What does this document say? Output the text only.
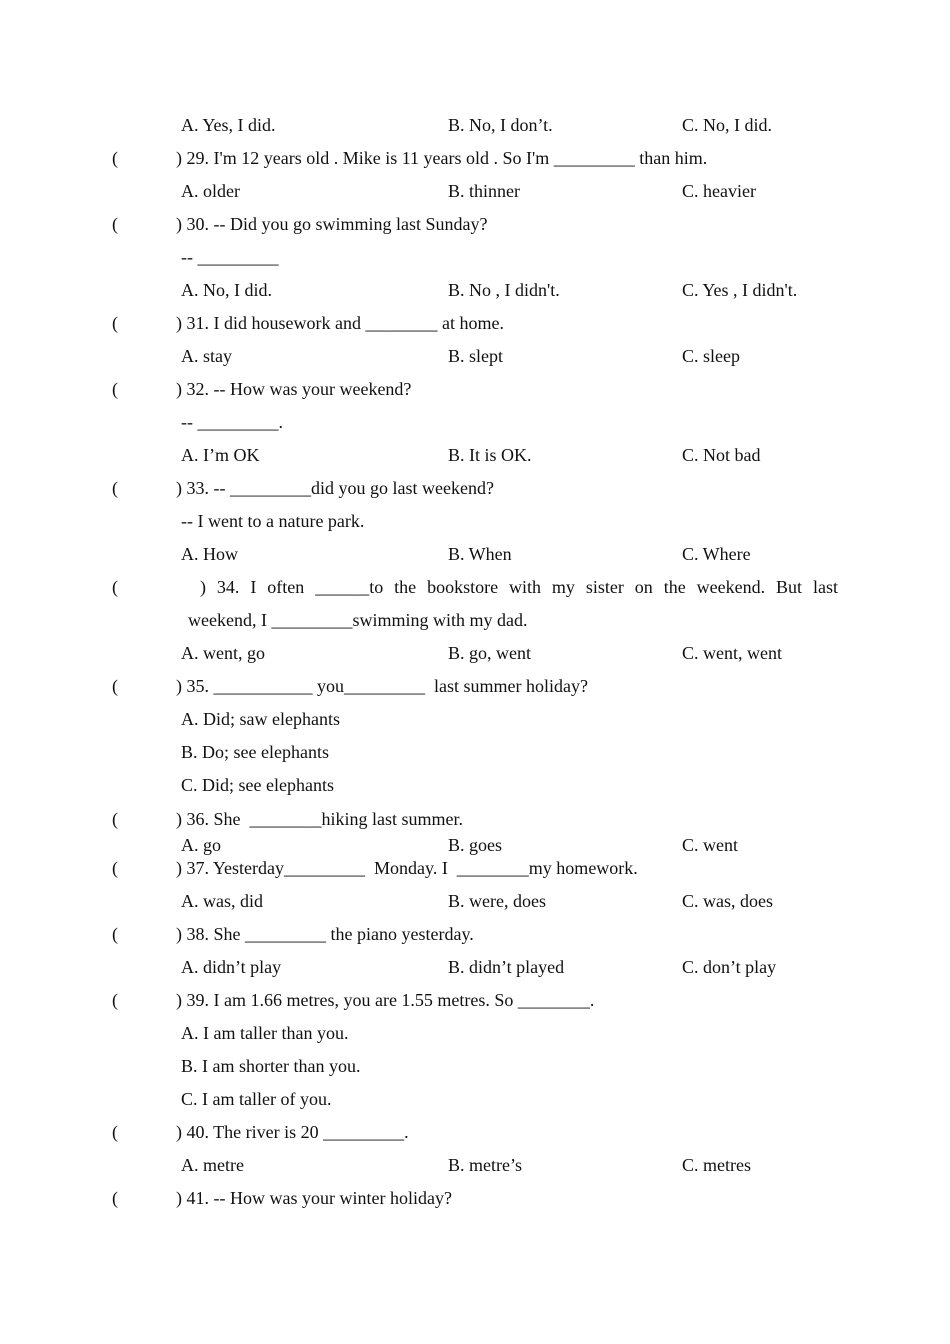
A. Yes, I did.	B. No, I don’t.	C. No, I did.
(	) 29. I'm 12 years old . Mike is 11 years old . So I'm _________ than him.
A. older	B. thinner	C. heavier
(	) 30. -- Did you go swimming last Sunday?
-- _________
A. No, I did.	B. No , I didn't.	C. Yes , I didn't.
(	) 31. I did housework and ________ at home.
A. stay	B. slept	C. sleep
(	) 32. -- How was your weekend?
-- _________.
A. I’m OK	B. It is OK.	C. Not bad
(	) 33. -- _________did you go last weekend?
-- I went to a nature park.
A. How	B. When	C. Where
(	) 34. I often ______to the bookstore with my sister on the weekend. But last
weekend, I _________swimming with my dad.
A. went, go	B. go, went	C. went, went
(	) 35. ___________ you_________  last summer holiday?
A. Did; saw elephants
B. Do; see elephants
C. Did; see elephants
(	) 36. She  ________hiking last summer.
A. go	B. goes	C. went
(	) 37. Yesterday_________  Monday. I  ________my homework.
A. was, did	B. were, does	C. was, does
(	) 38. She _________ the piano yesterday.
A. didn’t play	B. didn’t played	C. don’t play
(	) 39. I am 1.66 metres, you are 1.55 metres. So ________.
A. I am taller than you.
B. I am shorter than you.
C. I am taller of you.
(	) 40. The river is 20 _________.
A. metre	B. metre’s	C. metres
(	) 41. -- How was your winter holiday?
